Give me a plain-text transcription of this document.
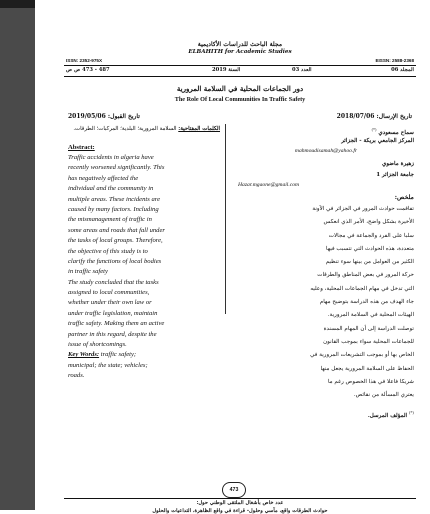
مجلة الباحث للدراسات الأكاديمية
ELBAHITH for Academic Studies
ISSN: 2352-975X	EISSN: 2588-2368
487 - 473 ص ص	السنة 2019	العدد 03	المجلد 06
دور الجماعات المحلية في السلامة المرورية
The Role Of Local Communities In Traffic Safety
تاريخ الإرسال: 2018/07/06
تاريخ القبول: 2019/05/06
سماح مسعودي (*)
المركز الجامعي بريكة - الجزائر
mahmoudisamah@yahoo.fr
زهيرة ماضوي
جامعة الجزائر 1
Hazar.mgaone@gmail.com
ملخص:
تفاقمت حوادث المرور في الجزائر في الآونة
الأخيرة بشكل واضح، الأمر الذي انعكس
سلبا على الفرد والجماعة في مجالات
متعددة، هذه الحوادث التي تتسبب فيها
الكثير من العوامل من بينها سوء تنظيم
حركة المرور في بعض المناطق والطرقات
التي تدخل في مهام الجماعات المحلية، وعليه
جاء الهدف من هذه الدراسة بتوضيح مهام
الهيئات المحلية في السلامة المرورية.
توصلت الدراسة إلى أن المهام المسندة
للجماعات المحلية سواء بموجب القانون
الخاص بها أو بموجب التشريعات المرورية في
الحفاظ على السلامة المرورية يجعل منها
شريكا فاعلا في هذا الخصوص رغم ما
يعتري المسألة من نقائص.
(*) المؤلف المرسل.
الكلمات المفتاحية: السلامة المرورية؛ البلدية؛ المركبات؛ الطرقات.
Abstract:
Traffic accidents in algeria have
recently worsened significantly. This
has negatively affected the
individual and the community in
multiple areas. These incidents are
caused by many factors. Including
the mismanagement of traffic in
some areas and roads that fall under
the tasks of local groups. Therefore,
the objective of this study is to
clarify the functions of local bodies
in traffic safety
The study concluded that the tasks
assigned to local communities,
whether under their own law or
under traffic legislation, maintain
traffic safety. Making them an active
partner in this regard, despite the
issue of shortcomings.
Key Words: traffic safety;
municipal; the state; vehicles;
roads.
473
عدد خاص بأشغال الملتقى الوطني حول:
حوادث الطرقات واقع، مآسي وحلول- قراءة في واقع الظاهرة، التداعيات والحلول
